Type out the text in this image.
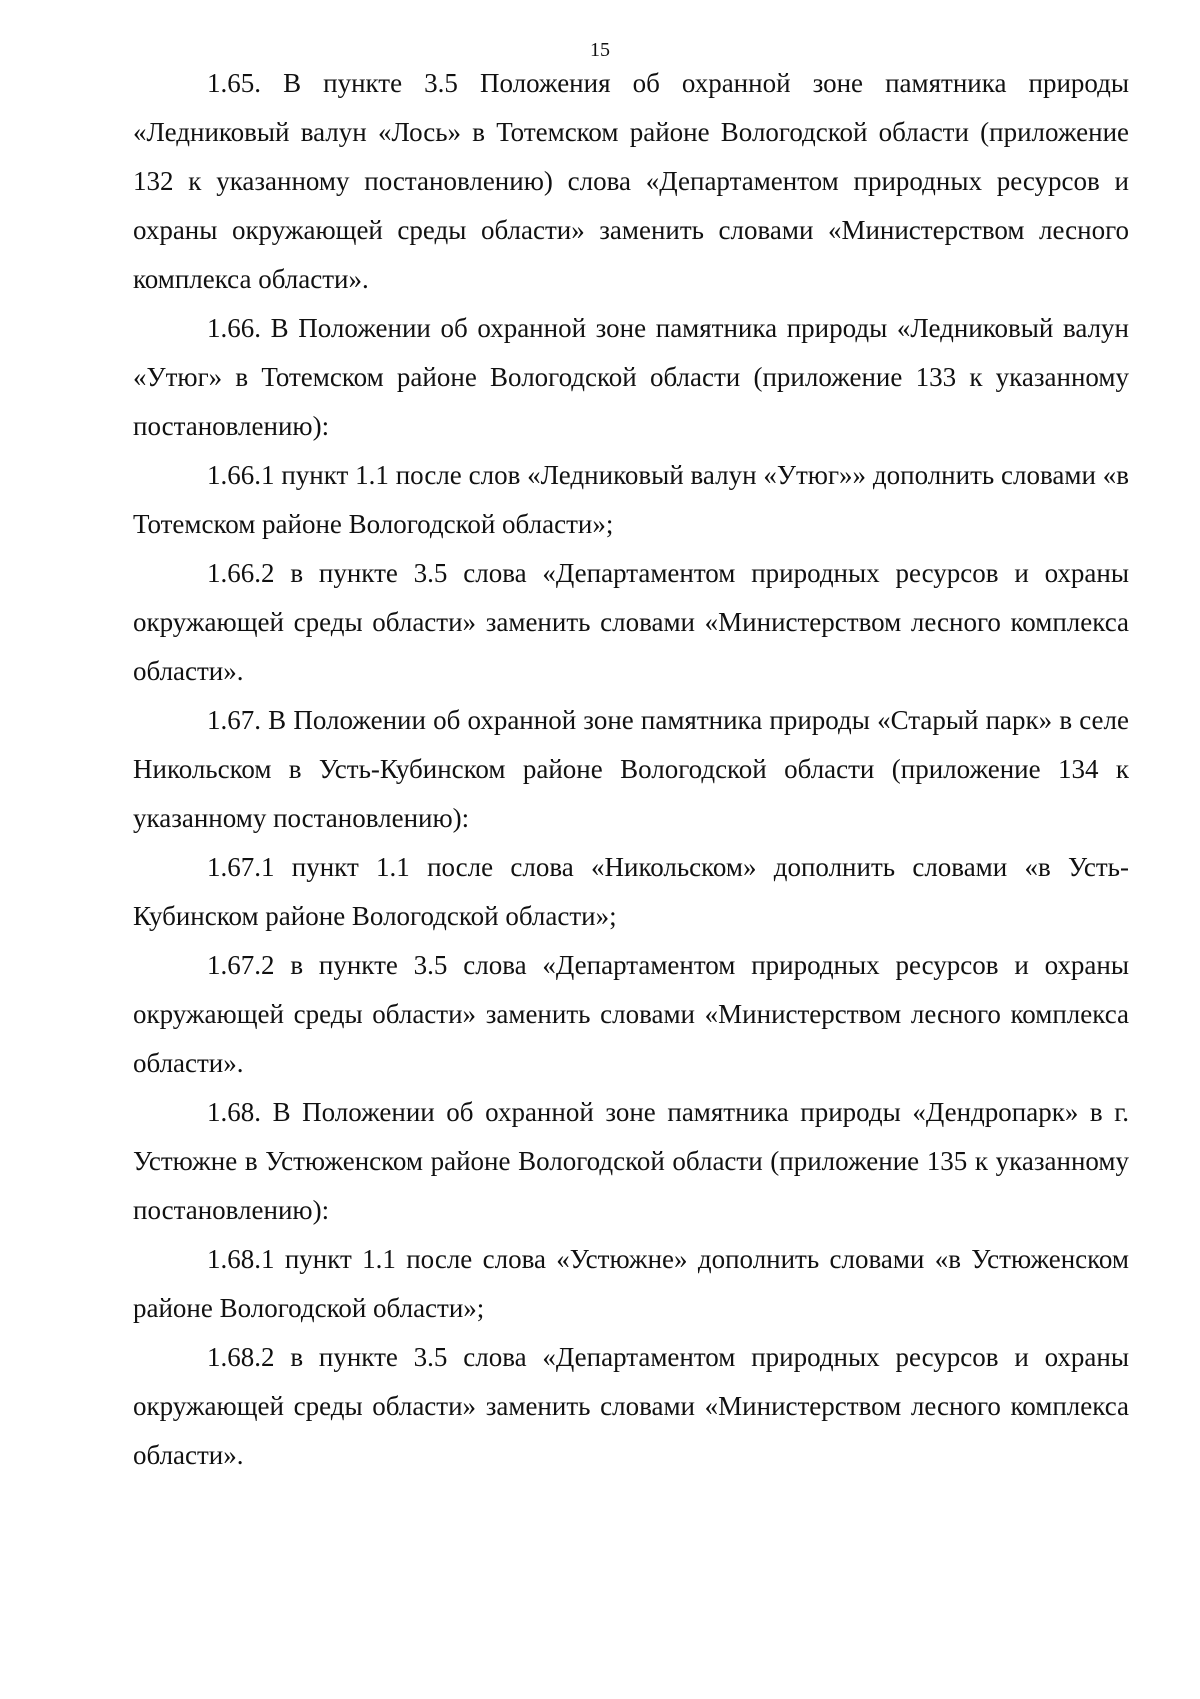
15

1.65. В пункте 3.5 Положения об охранной зоне памятника природы «Ледниковый валун «Лось» в Тотемском районе Вологодской области (приложение 132 к указанному постановлению) слова «Департаментом природных ресурсов и охраны окружающей среды области» заменить словами «Министерством лесного комплекса области».

1.66. В Положении об охранной зоне памятника природы «Ледниковый валун «Утюг» в Тотемском районе Вологодской области (приложение 133 к указанному постановлению):

1.66.1 пункт 1.1 после слов «Ледниковый валун «Утюг»» дополнить словами «в Тотемском районе Вологодской области»;

1.66.2 в пункте 3.5 слова «Департаментом природных ресурсов и охраны окружающей среды области» заменить словами «Министерством лесного комплекса области».

1.67. В Положении об охранной зоне памятника природы «Старый парк» в селе Никольском в Усть-Кубинском районе Вологодской области (приложение 134 к указанному постановлению):

1.67.1 пункт 1.1 после слова «Никольском» дополнить словами «в Усть-Кубинском районе Вологодской области»;

1.67.2 в пункте 3.5 слова «Департаментом природных ресурсов и охраны окружающей среды области» заменить словами «Министерством лесного комплекса области».

1.68. В Положении об охранной зоне памятника природы «Дендропарк» в г. Устюжне в Устюженском районе Вологодской области (приложение 135 к указанному постановлению):

1.68.1 пункт 1.1 после слова «Устюжне» дополнить словами «в Устюженском районе Вологодской области»;

1.68.2 в пункте 3.5 слова «Департаментом природных ресурсов и охраны окружающей среды области» заменить словами «Министерством лесного комплекса области».
